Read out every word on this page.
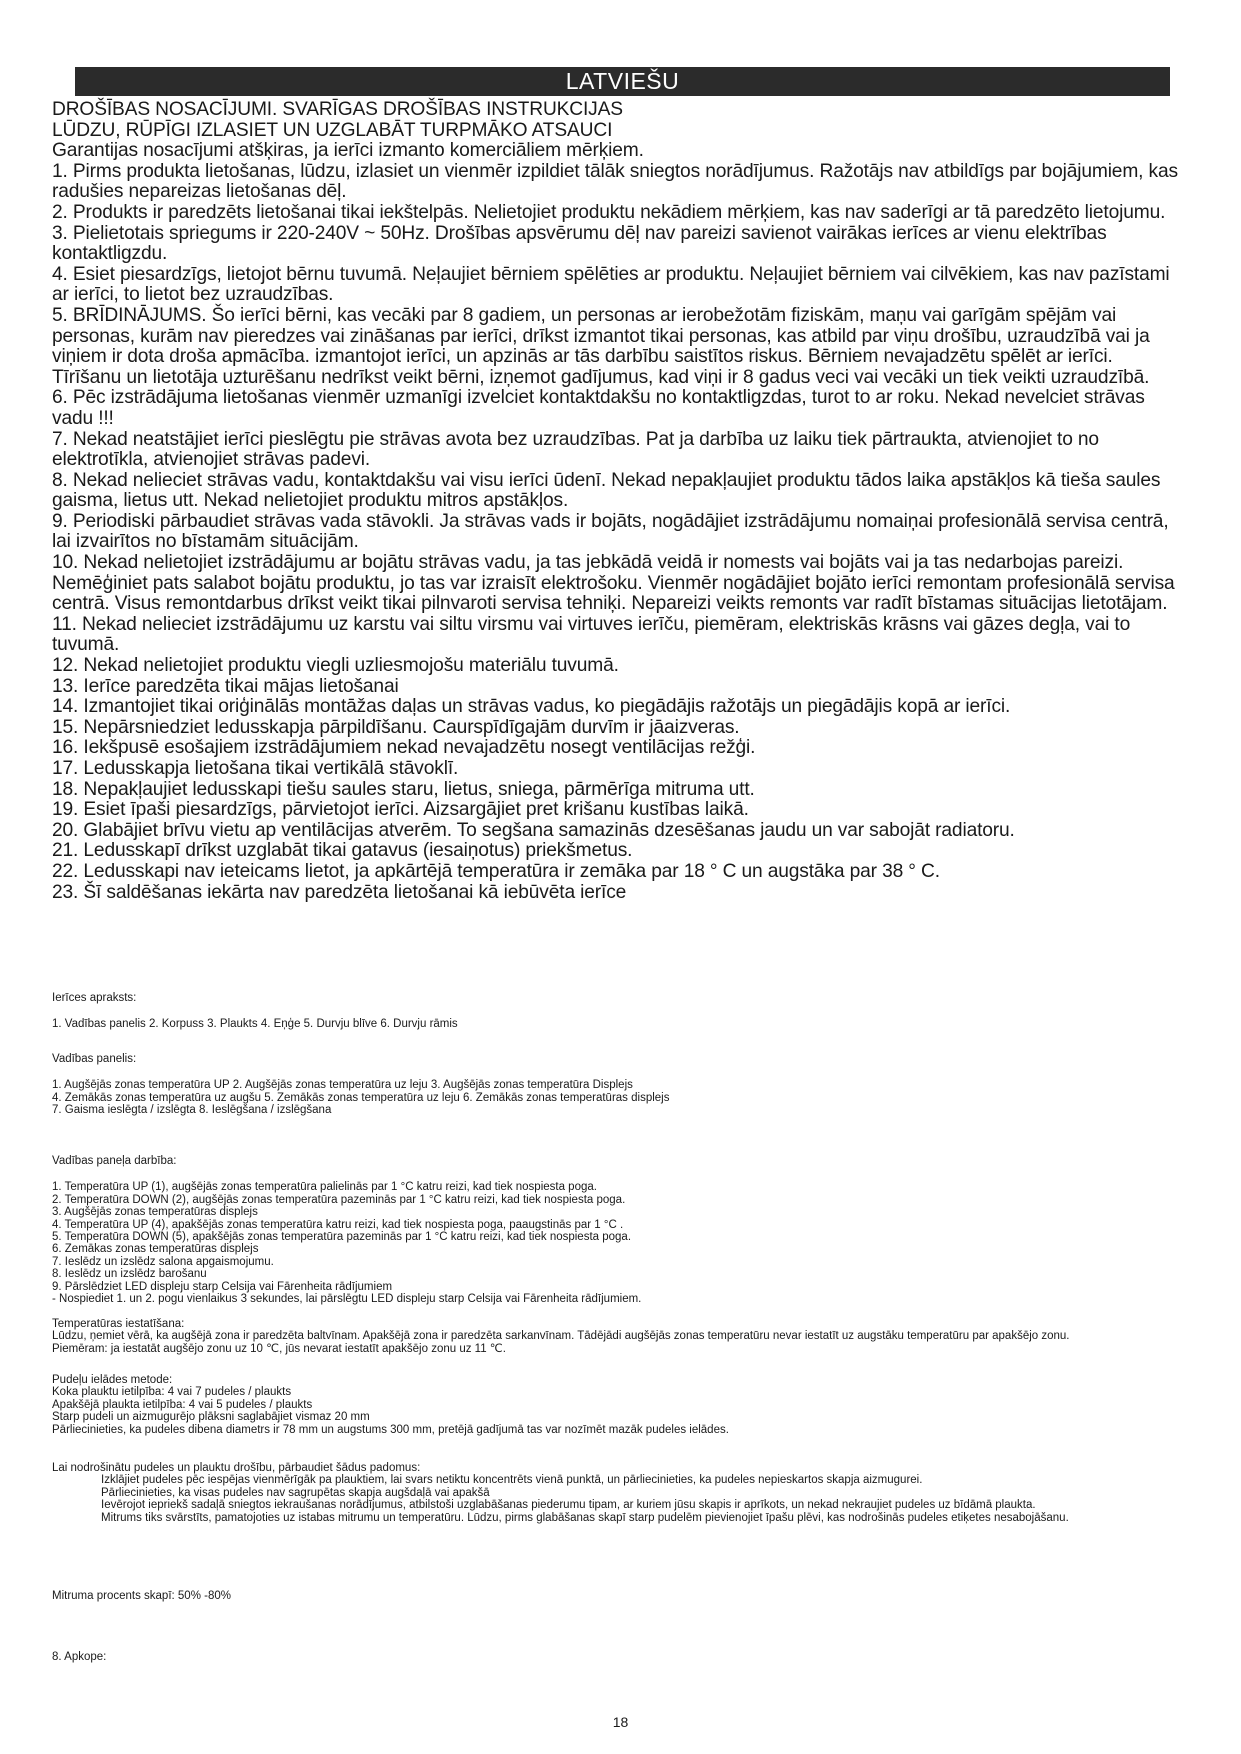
LATVIEŠU

DROŠĪBAS NOSACĪJUMI. SVARĪGAS DROŠĪBAS INSTRUKCIJAS

LŪDZU, RŪPĪGI IZLASIET UN UZGLABĀT TURPMĀKO ATSAUCI

Garantijas nosacījumi atšķiras, ja ierīci izmanto komerciāliem mērķiem.

1. Pirms produkta lietošanas, lūdzu, izlasiet un vienmēr izpildiet tālāk sniegtos norādījumus. Ražotājs nav atbildīgs par bojājumiem, kas radušies nepareizas lietošanas dēļ.

2. Produkts ir paredzēts lietošanai tikai iekštelpās. Nelietojiet produktu nekādiem mērķiem, kas nav saderīgi ar tā paredzēto lietojumu.

3. Pielietotais spriegums ir 220-240V ~ 50Hz. Drošības apsvērumu dēļ nav pareizi savienot vairākas ierīces ar vienu elektrības kontaktligzdu.

4. Esiet piesardzīgs, lietojot bērnu tuvumā. Neļaujiet bērniem spēlēties ar produktu. Neļaujiet bērniem vai cilvēkiem, kas nav pazīstami ar ierīci, to lietot bez uzraudzības.

5. BRĪDINĀJUMS. Šo ierīci bērni, kas vecāki par 8 gadiem, un personas ar ierobežotām fiziskām, maņu vai garīgām spējām vai personas, kurām nav pieredzes vai zināšanas par ierīci, drīkst izmantot tikai personas, kas atbild par viņu drošību, uzraudzībā vai ja viņiem ir dota droša apmācība. izmantojot ierīci, un apzinās ar tās darbību saistītos riskus. Bērniem nevajadzētu spēlēt ar ierīci. Tīrīšanu un lietotāja uzturēšanu nedrīkst veikt bērni, izņemot gadījumus, kad viņi ir 8 gadus veci vai vecāki un tiek veikti uzraudzībā.

6. Pēc izstrādājuma lietošanas vienmēr uzmanīgi izvelciet kontaktdakšu no kontaktligzdas, turot to ar roku. Nekad nevelciet strāvas vadu !!!

7. Nekad neatstājiet ierīci pieslēgtu pie strāvas avota bez uzraudzības. Pat ja darbība uz laiku tiek pārtraukta, atvienojiet to no elektrotīkla, atvienojiet strāvas padevi.

8. Nekad nelieciet strāvas vadu, kontaktdakšu vai visu ierīci ūdenī. Nekad nepakļaujiet produktu tādos laika apstākļos kā tieša saules gaisma, lietus utt. Nekad nelietojiet produktu mitros apstākļos.

9. Periodiski pārbaudiet strāvas vada stāvokli. Ja strāvas vads ir bojāts, nogādājiet izstrādājumu nomaiņai profesionālā servisa centrā, lai izvairītos no bīstamām situācijām.

10. Nekad nelietojiet izstrādājumu ar bojātu strāvas vadu, ja tas jebkādā veidā ir nomests vai bojāts vai ja tas nedarbojas pareizi. Nemēģiniet pats salabot bojātu produktu, jo tas var izraisīt elektrošoku. Vienmēr nogādājiet bojāto ierīci remontam profesionālā servisa centrā. Visus remontdarbus drīkst veikt tikai pilnvaroti servisa tehniķi. Nepareizi veikts remonts var radīt bīstamas situācijas lietotājam.

11. Nekad nelieciet izstrādājumu uz karstu vai siltu virsmu vai virtuves ierīču, piemēram, elektriskās krāsns vai gāzes degļa, vai to tuvumā.

12. Nekad nelietojiet produktu viegli uzliesmojošu materiālu tuvumā.

13. Ierīce paredzēta tikai mājas lietošanai

14. Izmantojiet tikai oriģinālās montāžas daļas un strāvas vadus, ko piegādājis ražotājs un piegādājis kopā ar ierīci.

15. Nepārsniedziet ledusskapja pārpildīšanu. Caurspīdīgajām durvīm ir jāaizveras.

16. Iekšpusē esošajiem izstrādājumiem nekad nevajadzētu nosegt ventilācijas režģi.

17. Ledusskapja lietošana tikai vertikālā stāvoklī.

18. Nepakļaujiet ledusskapi tiešu saules staru, lietus, sniega, pārmērīga mitruma utt.

19. Esiet īpaši piesardzīgs, pārvietojot ierīci. Aizsargājiet pret krišanu kustības laikā.

20. Glabājiet brīvu vietu ap ventilācijas atverēm. To segšana samazinās dzesēšanas jaudu un var sabojāt radiatoru.

21. Ledusskapī drīkst uzglabāt tikai gatavus (iesaiņotus) priekšmetus.

22. Ledusskapi nav ieteicams lietot, ja apkārtējā temperatūra ir zemāka par 18 ° C un augstāka par 38 ° C.

23. Šī saldēšanas iekārta nav paredzēta lietošanai kā iebūvēta ierīce

Ierīces apraksts:

1. Vadības panelis 2. Korpuss 3. Plaukts 4. Eņģe 5. Durvju blīve 6. Durvju rāmis

Vadības panelis:

1. Augšējās zonas temperatūra UP 2. Augšējās zonas temperatūra uz leju 3. Augšējās zonas temperatūra Displejs

4. Zemākās zonas temperatūra uz augšu 5. Zemākās zonas temperatūra uz leju 6. Zemākās zonas temperatūras displejs

7. Gaisma ieslēgta / izslēgta 8. Ieslēgšana / izslēgšana

Vadības paneļa darbība:

1. Temperatūra UP (1), augšējās zonas temperatūra palielinās par 1 °C katru reizi, kad tiek nospiesta poga.

2. Temperatūra DOWN (2), augšējās zonas temperatūra pazeminās par 1 °C katru reizi, kad tiek nospiesta poga.

3. Augšējās zonas temperatūras displejs

4. Temperatūra UP (4), apakšējās zonas temperatūra katru reizi, kad tiek nospiesta poga, paaugstinās par 1 °C .

5. Temperatūra DOWN (5), apakšējās zonas temperatūra pazeminās par 1 °C katru reizi, kad tiek nospiesta poga.

6. Zemākas zonas temperatūras displejs

7. Ieslēdz un izslēdz salona apgaismojumu.

8. Ieslēdz un izslēdz barošanu

9. Pārslēdziet LED displeju starp Celsija vai Fārenheita rādījumiem

- Nospiediet 1. un 2. pogu vienlaikus 3 sekundes, lai pārslēgtu LED displeju starp Celsija vai Fārenheita rādījumiem.

Temperatūras iestatīšana:

Lūdzu, ņemiet vērā, ka augšējā zona ir paredzēta baltvīnam. Apakšējā zona ir paredzēta sarkanvīnam. Tādējādi augšējās zonas temperatūru nevar iestatīt uz augstāku temperatūru par apakšējo zonu.

Piemēram: ja iestatāt augšējo zonu uz 10 ℃, jūs nevarat iestatīt apakšējo zonu uz 11 ℃.

Pudeļu ielādes metode:

Koka plauktu ietilpība: 4 vai 7 pudeles / plaukts

Apakšējā plaukta ietilpība: 4 vai 5 pudeles / plaukts

Starp pudeli un aizmugurējo plāksni saglabājiet vismaz 20 mm

Pārliecinieties, ka pudeles dibena diametrs ir 78 mm un augstums 300 mm, pretējā gadījumā tas var nozīmēt mazāk pudeles ielādes.

Lai nodrošinātu pudeles un plauktu drošību, pārbaudiet šādus padomus:

Izklājiet pudeles pēc iespējas vienmērīgāk pa plauktiem, lai svars netiktu koncentrēts vienā punktā, un pārliecinieties, ka pudeles nepieskartos skapja aizmugurei.

Pārliecinieties, ka visas pudeles nav sagrupētas skapja augšdaļā vai apakšā

Ievērojot iepriekš sadaļā sniegtos iekraušanas norādījumus, atbilstoši uzglabāšanas piederumu tipam, ar kuriem jūsu skapis ir aprīkots, un nekad nekraujiet pudeles uz bīdāmā plaukta.

Mitrums tiks svārstīts, pamatojoties uz istabas mitrumu un temperatūru. Lūdzu, pirms glabāšanas skapī starp pudelēm pievienojiet īpašu plēvi, kas nodrošinās pudeles etiķetes nesabojāšanu.

Mitruma procents skapī: 50% -80%
8. Apkope:
18
